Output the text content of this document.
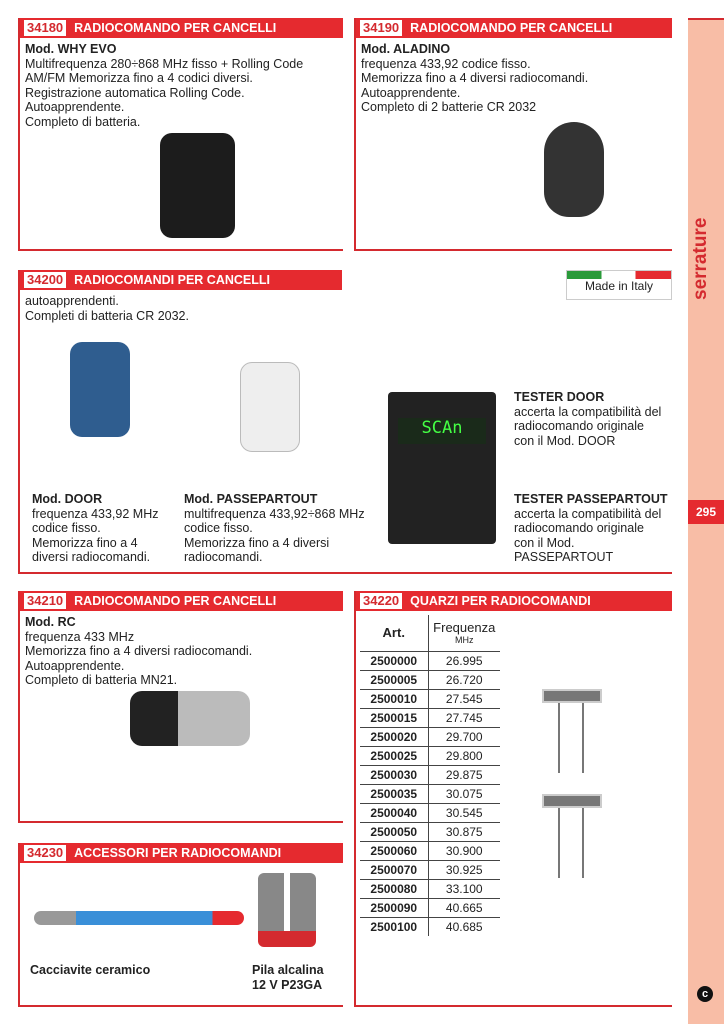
serrature
295
c
34180 RADIOCOMANDO PER CANCELLI
Mod. WHY EVO
Multifrequenza 280÷868 MHz fisso + Rolling Code
AM/FM Memorizza fino a 4 codici diversi.
Registrazione automatica Rolling Code.
Autoapprendente.
Completo di batteria.
34190 RADIOCOMANDO PER CANCELLI
Mod. ALADINO
frequenza 433,92 codice fisso.
Memorizza fino a 4 diversi radiocomandi.
Autoapprendente.
Completo di 2 batterie CR 2032
34200 RADIOCOMANDI PER CANCELLI
autoapprendenti.
Completi di batteria CR 2032.
Made in Italy
SCAn
Mod. DOOR
frequenza 433,92 MHz
codice fisso.
Memorizza fino a 4
diversi radiocomandi.
Mod. PASSEPARTOUT
multifrequenza 433,92÷868 MHz
codice fisso.
Memorizza fino a 4 diversi
radiocomandi.
TESTER DOOR
accerta la compatibilità del
radiocomando originale
con il Mod. DOOR
TESTER PASSEPARTOUT
accerta la compatibilità del
radiocomando originale
con il Mod. PASSEPARTOUT
34210 RADIOCOMANDO PER CANCELLI
Mod. RC
frequenza 433 MHz
Memorizza fino a 4 diversi radiocomandi.
Autoapprendente.
Completo di batteria MN21.
34220 QUARZI PER RADIOCOMANDI
Art.	Frequenza
MHz

2500000	26.995
2500005	26.720
2500010	27.545
2500015	27.745
2500020	29.700
2500025	29.800
2500030	29.875
2500035	30.075
2500040	30.545
2500050	30.875
2500060	30.900
2500070	30.925
2500080	33.100
2500090	40.665
2500100	40.685
34230 ACCESSORI PER RADIOCOMANDI
Cacciavite ceramico	Pila alcalina
12 V P23GA
